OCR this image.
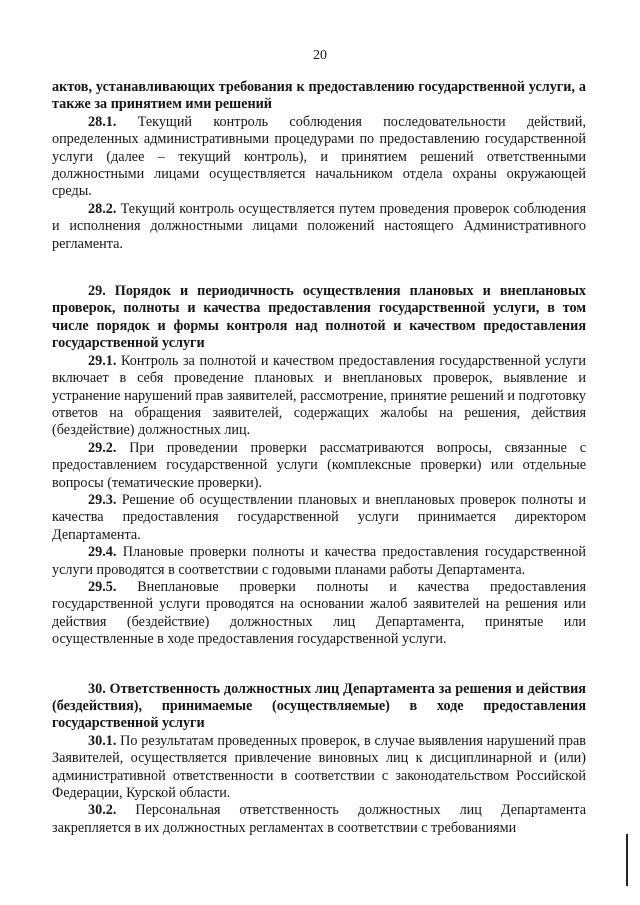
20

актов, устанавливающих требования к предоставлению государственной услуги, а также за принятием ими решений

28.1. Текущий контроль соблюдения последовательности действий, определенных административными процедурами по предоставлению государственной услуги (далее – текущий контроль), и принятием решений ответственными должностными лицами осуществляется начальником отдела охраны окружающей среды.

28.2. Текущий контроль осуществляется путем проведения проверок соблюдения и исполнения должностными лицами положений настоящего Административного регламента.

29. Порядок и периодичность осуществления плановых и внеплановых проверок, полноты и качества предоставления государственной услуги, в том числе порядок и формы контроля над полнотой и качеством предоставления государственной услуги

29.1. Контроль за полнотой и качеством предоставления государственной услуги включает в себя проведение плановых и внеплановых проверок, выявление и устранение нарушений прав заявителей, рассмотрение, принятие решений и подготовку ответов на обращения заявителей, содержащих жалобы на решения, действия (бездействие) должностных лиц.

29.2. При проведении проверки рассматриваются вопросы, связанные с предоставлением государственной услуги (комплексные проверки) или отдельные вопросы (тематические проверки).

29.3. Решение об осуществлении плановых и внеплановых проверок полноты и качества предоставления государственной услуги принимается директором Департамента.

29.4. Плановые проверки полноты и качества предоставления государственной услуги проводятся в соответствии с годовыми планами работы Департамента.

29.5. Внеплановые проверки полноты и качества предоставления государственной услуги проводятся на основании жалоб заявителей на решения или действия (бездействие) должностных лиц Департамента, принятые или осуществленные в ходе предоставления государственной услуги.

30. Ответственность должностных лиц Департамента за решения и действия (бездействия), принимаемые (осуществляемые) в ходе предоставления государственной услуги

30.1. По результатам проведенных проверок, в случае выявления нарушений прав Заявителей, осуществляется привлечение виновных лиц к дисциплинарной и (или) административной ответственности в соответствии с законодательством Российской Федерации, Курской области.

30.2. Персональная ответственность должностных лиц Департамента закрепляется в их должностных регламентах в соответствии с требованиями
